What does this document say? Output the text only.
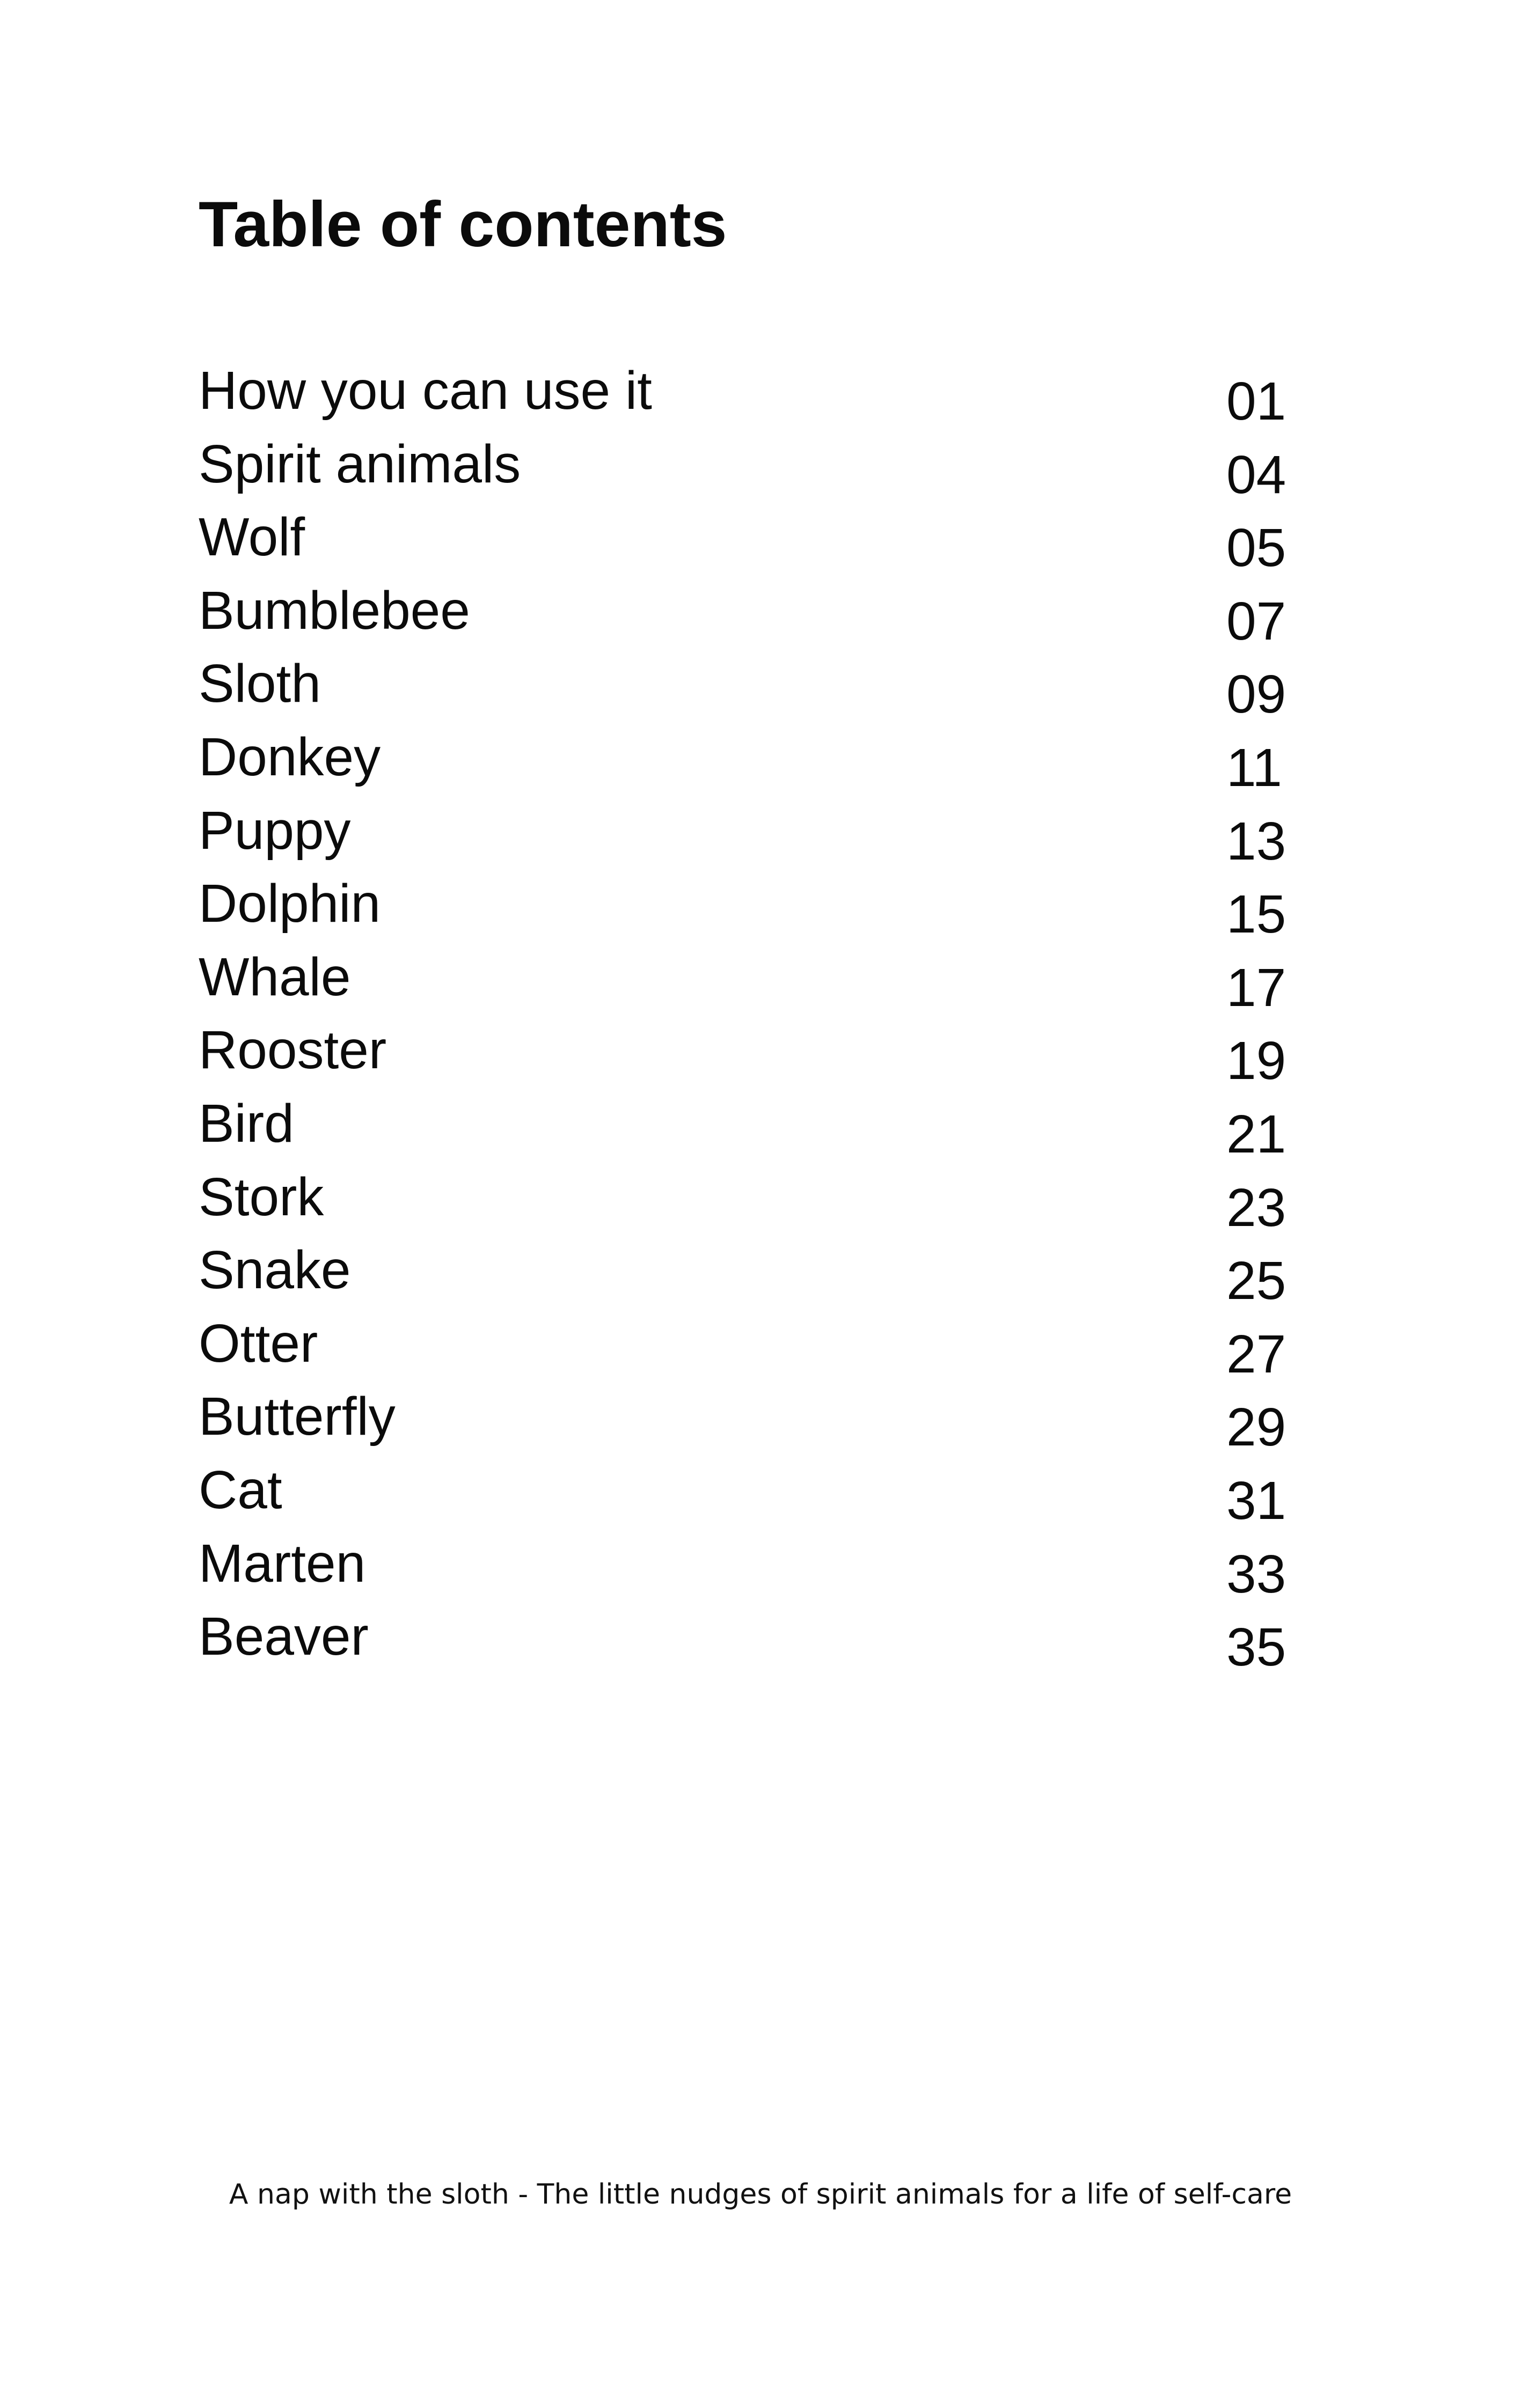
Table of contents
How you can use it	01
Spirit animals	04
Wolf	05
Bumblebee	07
Sloth	09
Donkey	11
Puppy	13
Dolphin	15
Whale	17
Rooster	19
Bird	21
Stork	23
Snake	25
Otter	27
Butterfly	29
Cat	31
Marten	33
Beaver	35
A nap with the sloth - The little nudges of spirit animals for a life of self-care
